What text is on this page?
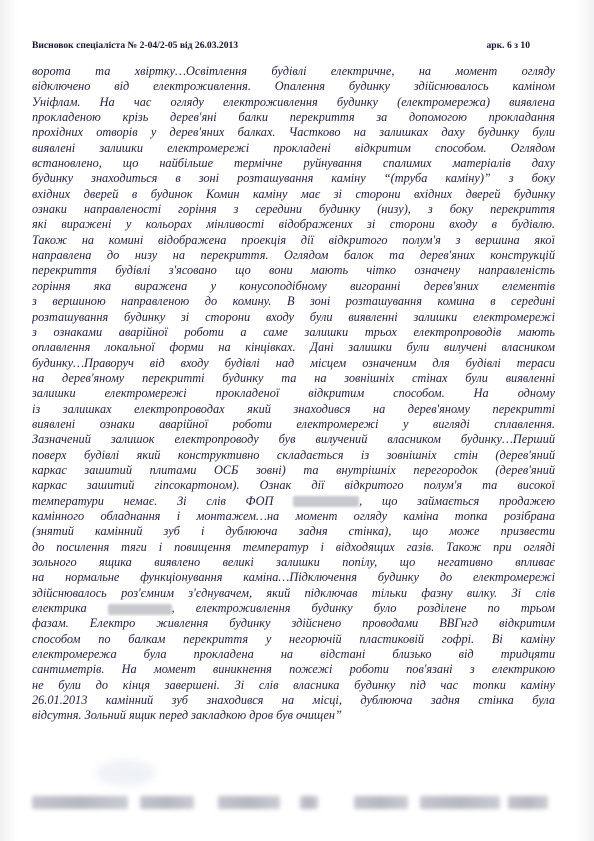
Висновок спеціаліста № 2-04/2-05 від 26.03.2013	арк. 6 з 10
ворота та хвіртку…Освітлення будівлі електричне, на момент огляду
відключено від електроживлення. Опалення будинку здійснювалось каміном
Уніфлам. На час огляду електроживлення будинку (електромережа) виявлена
прокладеною крізь дерев'яні балки перекриття за допомогою прокладання
прохідних отворів у дерев'яних балках. Частково на залишках даху будинку були
виявлені залишки електромережі прокладені відкритим способом. Оглядом
встановлено, що найбільше термічне руйнування спалимих матеріалів даху
будинку знаходиться в зоні розташування каміну “(труба каміну)” з боку
вхідних дверей в будинок Комин каміну має зі сторони вхідних дверей будинку
ознаки направленості горіння з середини будинку (низу), з боку перекриття
які виражені у кольорах мінливості відображених зі сторони входу в будівлю.
Також на комині відображена проекція дії відкритого полум'я з вершина якої
направлена до низу на перекриття. Оглядом балок та дерев'яних конструкцій
перекриття будівлі з'ясовано що вони мають чітко означену направленість
горіння яка виражена у конусоподібному вигоранні дерев'яних елементів
з вершиною направленою до комину. В зоні розташування комина в середині
розташування будинку зі сторони входу були виявленні залишки електромережі
з ознаками аварійної роботи а саме залишки трьох електропроводів мають
оплавлення локальної форми на кінцівках. Дані залишки були вилучені власником
будинку…Праворуч від входу будівлі над місцем означеним для будівлі тераси
на дерев'яному перекритті будинку та на зовнішніх стінах були виявленні
залишки електромережі прокладеної відкритим способом. На одному
із залишках електропроводах який знаходився на дерев'яному перекритті
виявлені ознаки аварійної роботи електромережі у вигляді сплавлення.
Зазначений залишок електропроводу був вилучений власником будинку…Перший
поверх будівлі який конструктивно складається із зовнішніх стін (дерев'яний
каркас зашитий плитами ОСБ зовні) та внутрішніх перегородок (дерев'яний
каркас зашитий гіпсокартоном). Ознак дії відкритого полум'я та високої
температури немає. Зі слів ФОП	, що займається продажею
камінного обладнання і монтажем…на момент огляду каміна топка розібрана
(знятий камінний зуб і дублююча задня стінка), що може призвести
до посилення тяги і повищення температур і відходящих газів. Також при огляді
зольного ящика виявлено великі залишки попілу, що негативно впливає
на нормальне функціонування каміна…Підключення будинку до електромережі
здійснювалось роз'ємним з'єднувачем, який підключав тільки фазну вилку. Зі слів
електрика	, електроживлення будинку було розділене по трьом
фазам. Електро живлення будинку здійснено проводами ВВГнгд відкритим
способом по балкам перекриття у негорючій пластиковій гофрі. Ві каміну
електромережа була прокладена на відстані близько від тридцяти
сантиметрів. На момент виникнення пожежі роботи пов'язані з електрикою
не були до кінця завершені. Зі слів власника будинку під час топки каміну
26.01.2013 камінний зуб знаходився на місці, дублююча задня стінка була
відсутня. Зольний ящик перед закладкою дров був очищен”
